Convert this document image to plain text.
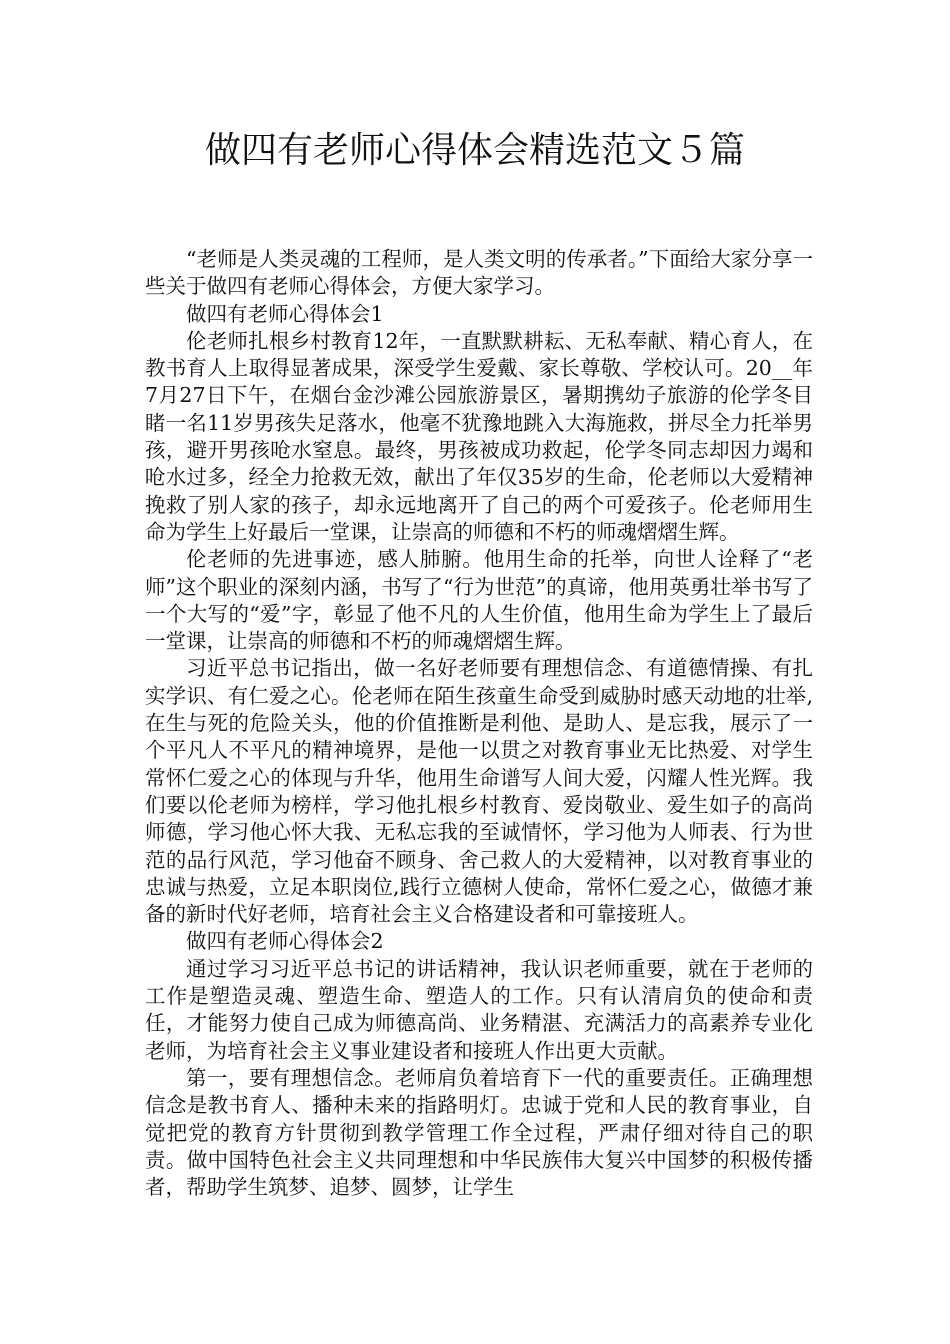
做四有老师心得体会精选范文５篇

“老师是人类灵魂的工程师，是人类文明的传承者。”下面给大家分享一些关于做四有老师心得体会，方便大家学习。

做四有老师心得体会1

伦老师扎根乡村教育12年，一直默默耕耘、无私奉献、精心育人，在教书育人上取得显著成果，深受学生爱戴、家长尊敬、学校认可。20__年7月27日下午，在烟台金沙滩公园旅游景区，暑期携幼子旅游的伦学冬目睹一名11岁男孩失足落水，他毫不犹豫地跳入大海施救，拼尽全力托举男孩，避开男孩呛水窒息。最终，男孩被成功救起，伦学冬同志却因力竭和呛水过多，经全力抢救无效，献出了年仅35岁的生命，伦老师以大爱精神挽救了别人家的孩子，却永远地离开了自己的两个可爱孩子。伦老师用生命为学生上好最后一堂课，让崇高的师德和不朽的师魂熠熠生辉。

伦老师的先进事迹，感人肺腑。他用生命的托举，向世人诠释了“老师”这个职业的深刻内涵，书写了“行为世范”的真谛，他用英勇壮举书写了一个大写的“爱”字，彰显了他不凡的人生价值，他用生命为学生上了最后一堂课，让崇高的师德和不朽的师魂熠熠生辉。

习近平总书记指出，做一名好老师要有理想信念、有道德情操、有扎实学识、有仁爱之心。伦老师在陌生孩童生命受到威胁时感天动地的壮举,在生与死的危险关头，他的价值推断是利他、是助人、是忘我，展示了一个平凡人不平凡的精神境界，是他一以贯之对教育事业无比热爱、对学生常怀仁爱之心的体现与升华，他用生命谱写人间大爱，闪耀人性光辉。我们要以伦老师为榜样，学习他扎根乡村教育、爱岗敬业、爱生如子的高尚师德，学习他心怀大我、无私忘我的至诚情怀，学习他为人师表、行为世范的品行风范，学习他奋不顾身、舍己救人的大爱精神，以对教育事业的忠诚与热爱，立足本职岗位,践行立德树人使命，常怀仁爱之心，做德才兼备的新时代好老师，培育社会主义合格建设者和可靠接班人。

做四有老师心得体会2

通过学习习近平总书记的讲话精神，我认识老师重要，就在于老师的工作是塑造灵魂、塑造生命、塑造人的工作。只有认清肩负的使命和责任，才能努力使自己成为师德高尚、业务精湛、充满活力的高素养专业化老师，为培育社会主义事业建设者和接班人作出更大贡献。

第一，要有理想信念。老师肩负着培育下一代的重要责任。正确理想信念是教书育人、播种未来的指路明灯。忠诚于党和人民的教育事业，自觉把党的教育方针贯彻到教学管理工作全过程，严肃仔细对待自己的职责。做中国特色社会主义共同理想和中华民族伟大复兴中国梦的积极传播者，帮助学生筑梦、追梦、圆梦，让学生
